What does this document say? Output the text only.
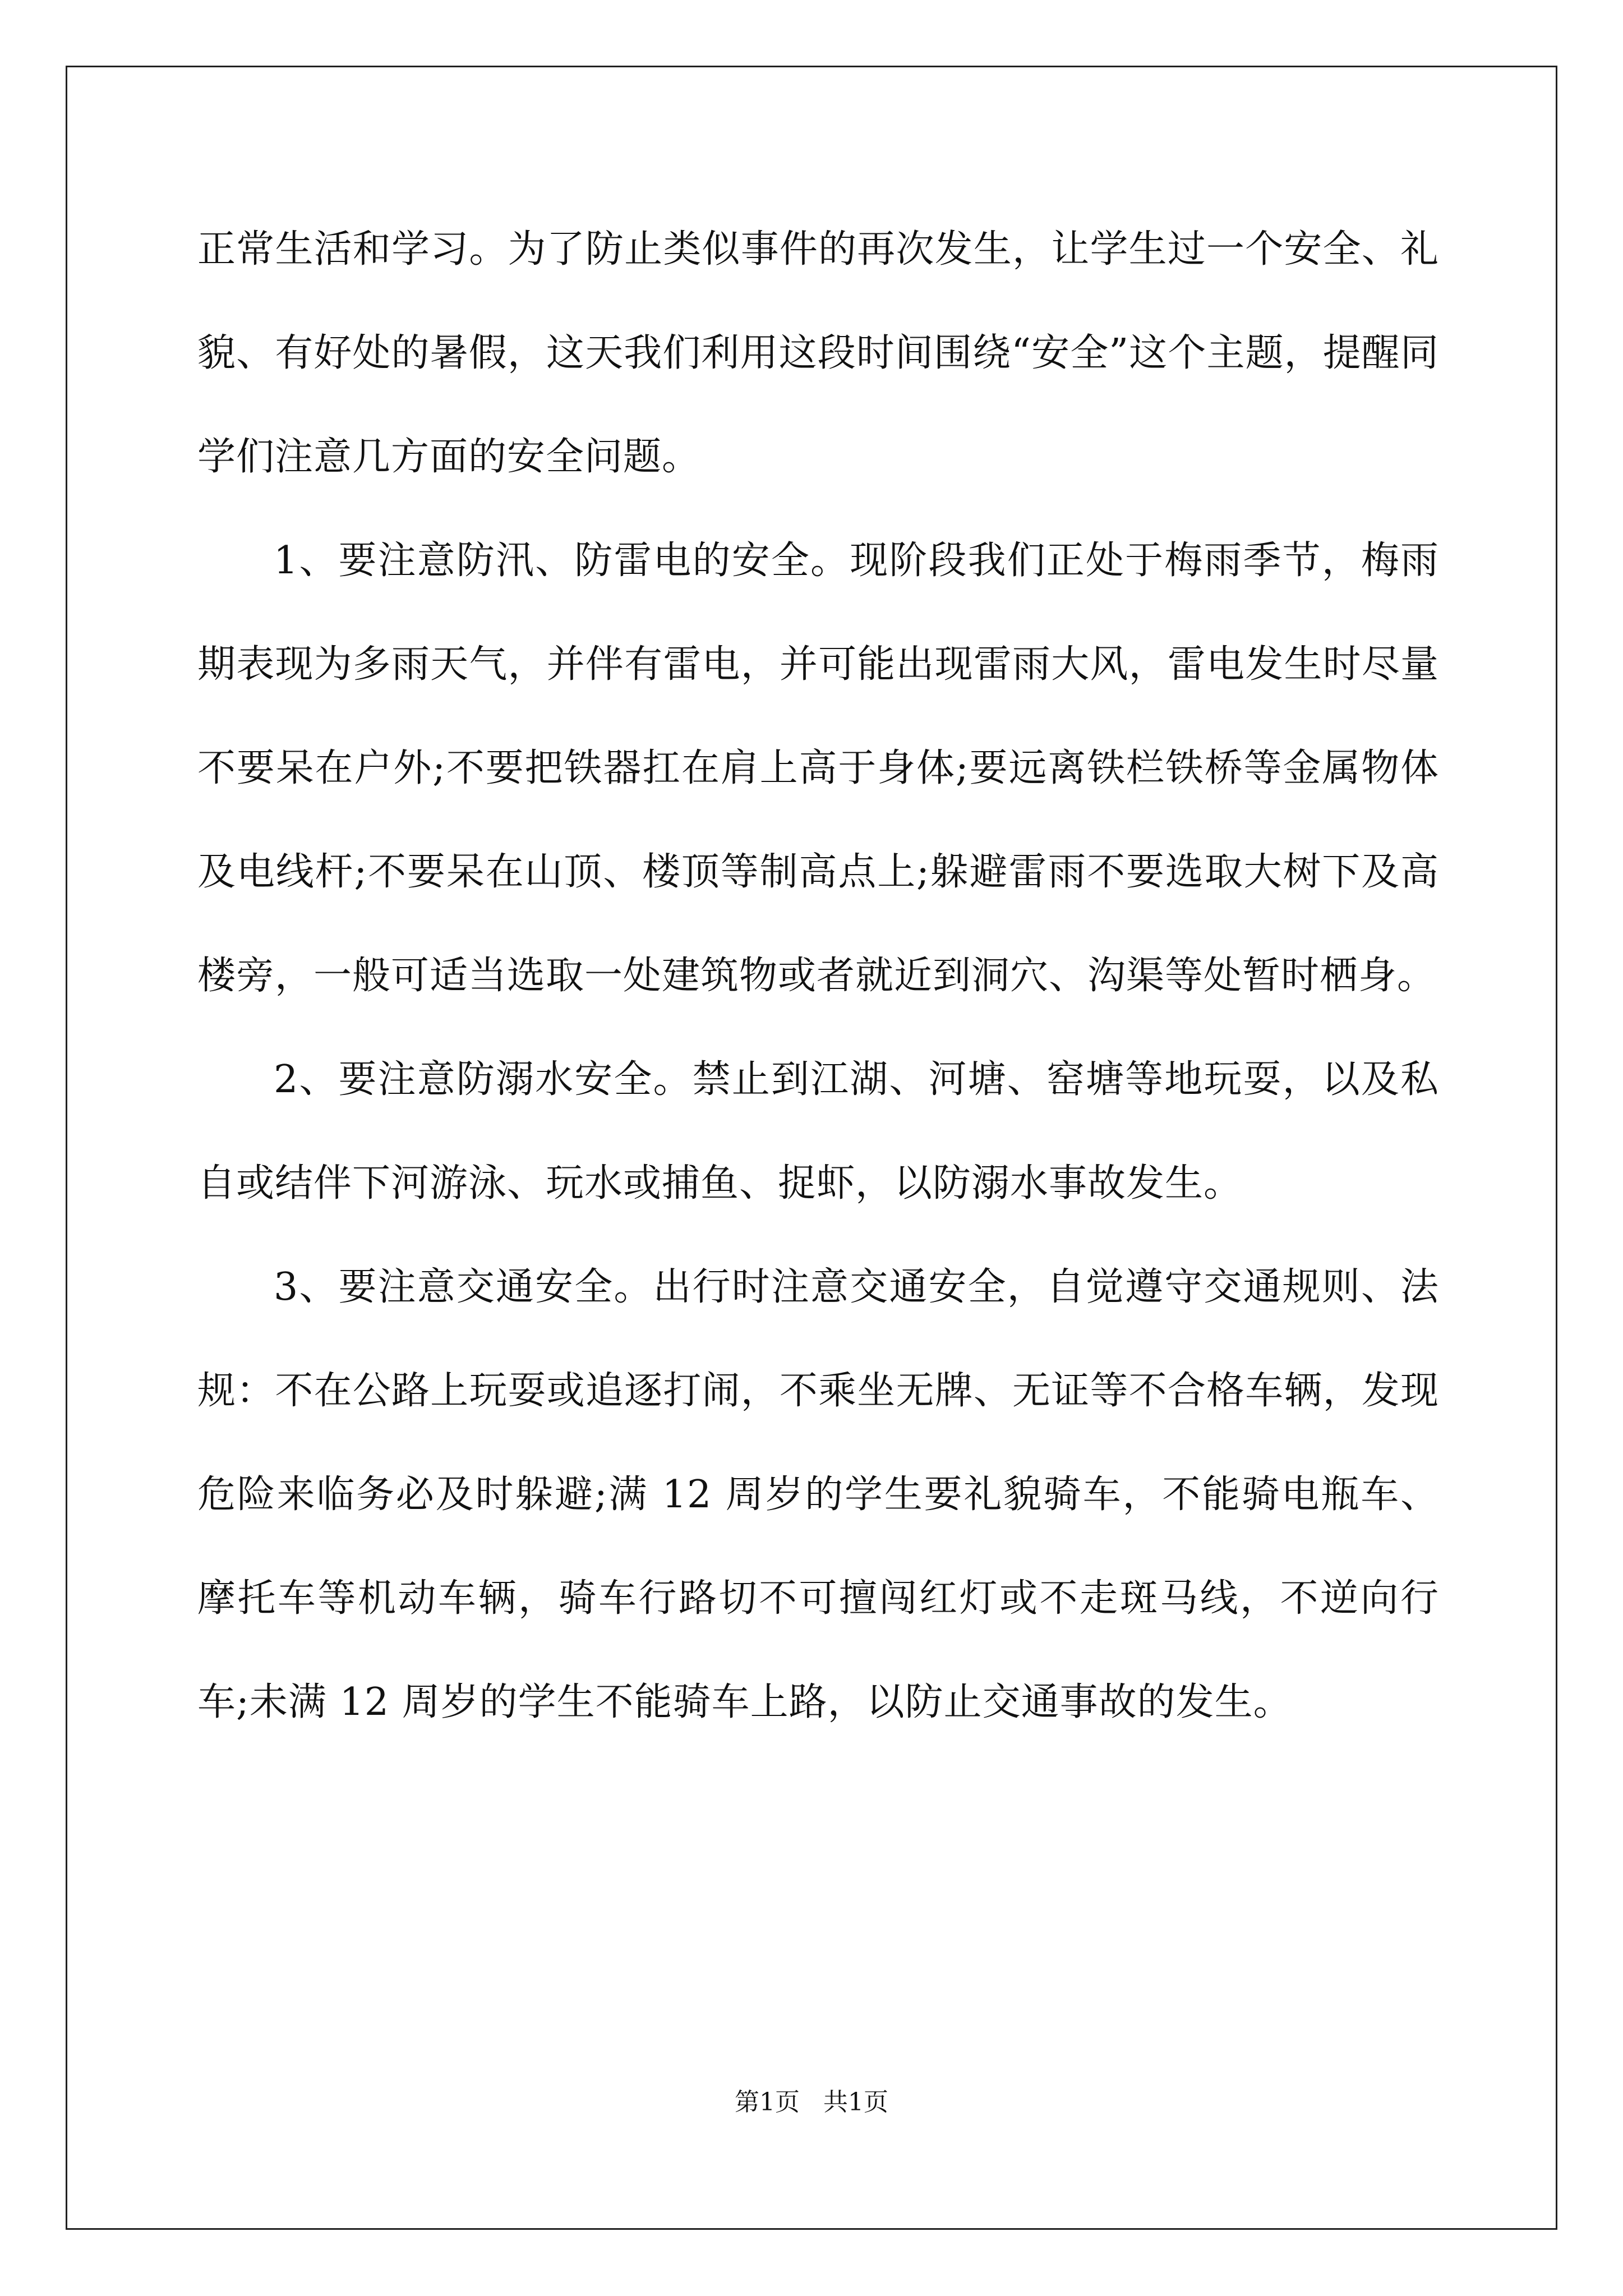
正常生活和学习。为了防止类似事件的再次发生，让学生过一个安全、礼貌、有好处的暑假，这天我们利用这段时间围绕“安全”这个主题，提醒同学们注意几方面的安全问题。

1、要注意防汛、防雷电的安全。现阶段我们正处于梅雨季节，梅雨期表现为多雨天气，并伴有雷电，并可能出现雷雨大风，雷电发生时尽量不要呆在户外;不要把铁器扛在肩上高于身体;要远离铁栏铁桥等金属物体及电线杆;不要呆在山顶、楼顶等制高点上;躲避雷雨不要选取大树下及高楼旁，一般可适当选取一处建筑物或者就近到洞穴、沟渠等处暂时栖身。

2、要注意防溺水安全。禁止到江湖、河塘、窑塘等地玩耍，以及私自或结伴下河游泳、玩水或捕鱼、捉虾，以防溺水事故发生。

3、要注意交通安全。出行时注意交通安全，自觉遵守交通规则、法规：不在公路上玩耍或追逐打闹，不乘坐无牌、无证等不合格车辆，发现危险来临务必及时躲避;满 12 周岁的学生要礼貌骑车，不能骑电瓶车、摩托车等机动车辆，骑车行路切不可擅闯红灯或不走斑马线，不逆向行车;未满 12 周岁的学生不能骑车上路，以防止交通事故的发生。

第1页   共1页
